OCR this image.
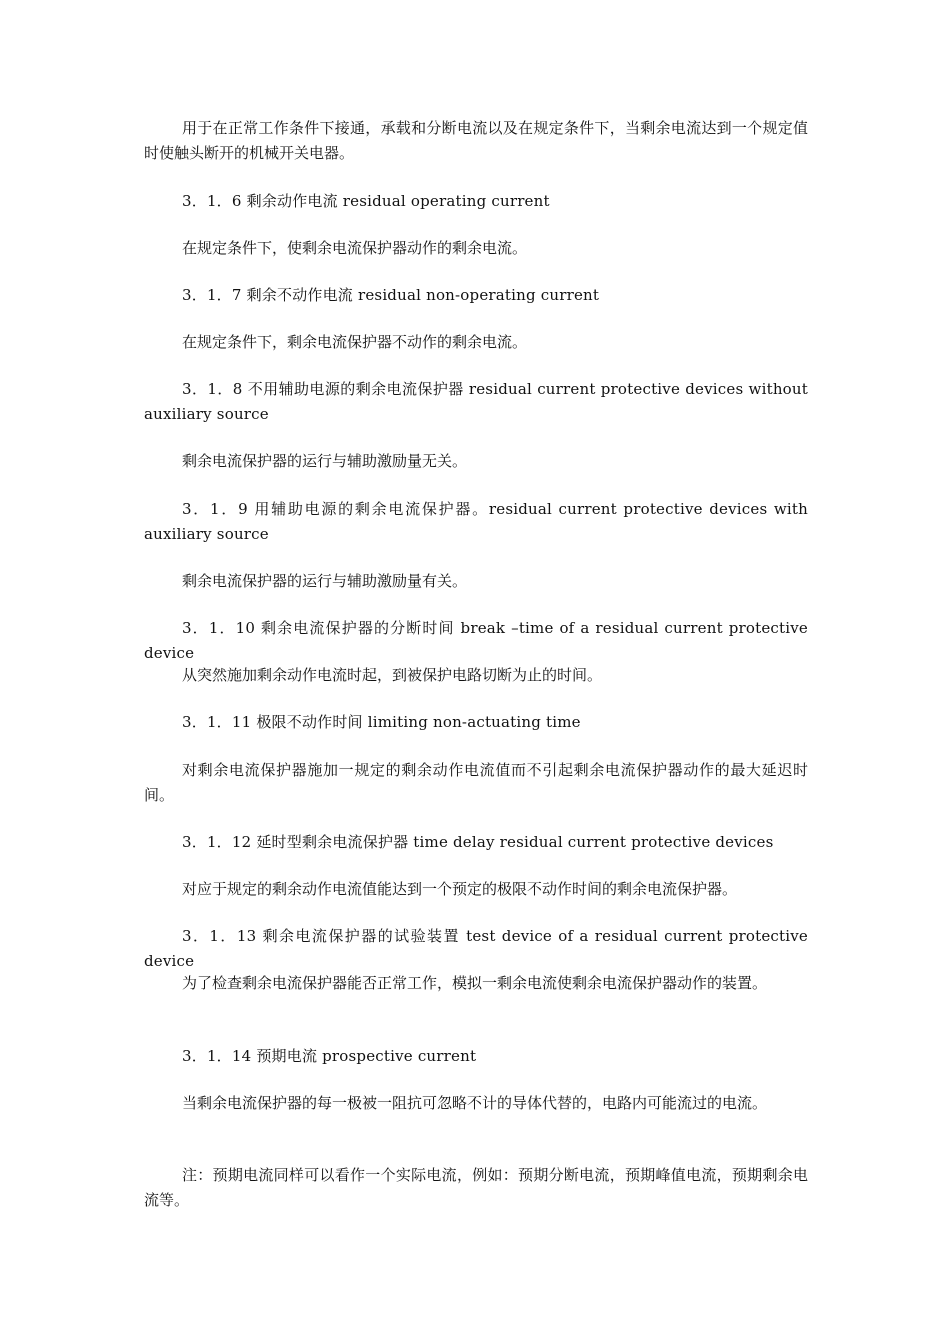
用于在正常工作条件下接通，承载和分断电流以及在规定条件下，当剩余电流达到一个规定值时使触头断开的机械开关电器。

3．1．6 剩余动作电流 residual operating current

在规定条件下，使剩余电流保护器动作的剩余电流。

3．1．7 剩余不动作电流 residual non-operating current

在规定条件下，剩余电流保护器不动作的剩余电流。

3．1．8 不用辅助电源的剩余电流保护器 residual current protective devices without auxiliary source

剩余电流保护器的运行与辅助激励量无关。

3．1．9 用辅助电源的剩余电流保护器。residual current protective devices with auxiliary source

剩余电流保护器的运行与辅助激励量有关。

3．1．10 剩余电流保护器的分断时间 break –time of a residual current protective device

从突然施加剩余动作电流时起，到被保护电路切断为止的时间。

3．1．11 极限不动作时间 limiting non-actuating time

对剩余电流保护器施加一规定的剩余动作电流值而不引起剩余电流保护器动作的最大延迟时间。

3．1．12 延时型剩余电流保护器 time delay residual current protective devices

对应于规定的剩余动作电流值能达到一个预定的极限不动作时间的剩余电流保护器。

3．1．13 剩余电流保护器的试验装置 test device of a residual current protective device

为了检查剩余电流保护器能否正常工作，模拟一剩余电流使剩余电流保护器动作的装置。

3．1．14 预期电流 prospective current

当剩余电流保护器的每一极被一阻抗可忽略不计的导体代替的，电路内可能流过的电流。

注：预期电流同样可以看作一个实际电流，例如：预期分断电流，预期峰值电流，预期剩余电流等。
